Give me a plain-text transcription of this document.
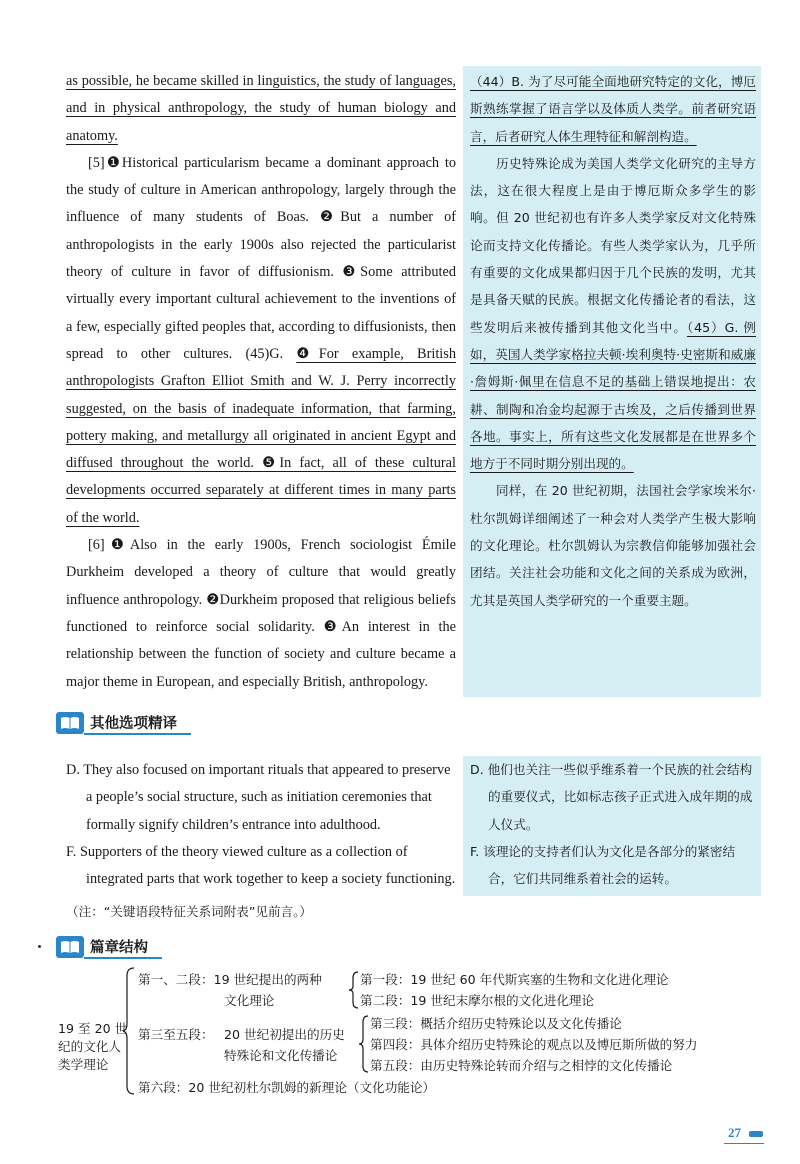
as possible, he became skilled in linguistics, the study of languages, and in physical anthropology, the study of human biology and anatomy.

[5]❶Historical particularism became a dominant approach to the study of culture in American anthropology, largely through the influence of many students of Boas. ❷But a number of anthropologists in the early 1900s also rejected the particularist theory of culture in favor of diffusionism. ❸Some attributed virtually every important cultural achievement to the inventions of a few, especially gifted peoples that, according to diffusionists, then spread to other cultures. (45)G. ❹For example, British anthropologists Grafton Elliot Smith and W. J. Perry incorrectly suggested, on the basis of inadequate information, that farming, pottery making, and metallurgy all originated in ancient Egypt and diffused throughout the world. ❺In fact, all of these cultural developments occurred separately at different times in many parts of the world.

[6]❶Also in the early 1900s, French sociologist Émile Durkheim developed a theory of culture that would greatly influence anthropology. ❷Durkheim proposed that religious beliefs functioned to reinforce social solidarity. ❸An interest in the relationship between the function of society and culture became a major theme in European, and especially British, anthropology.

（44）B. 为了尽可能全面地研究特定的文化，博厄斯熟练掌握了语言学以及体质人类学。前者研究语言，后者研究人体生理特征和解剖构造。

历史特殊论成为美国人类学文化研究的主导方法，这在很大程度上是由于博厄斯众多学生的影响。但 20 世纪初也有许多人类学家反对文化特殊论而支持文化传播论。有些人类学家认为，几乎所有重要的文化成果都归因于几个民族的发明，尤其是具备天赋的民族。根据文化传播论者的看法，这些发明后来被传播到其他文化当中。（45）G. 例如，英国人类学家格拉夫顿·埃利奥特·史密斯和威廉·詹姆斯·佩里在信息不足的基础上错误地提出：农耕、制陶和冶金均起源于古埃及，之后传播到世界各地。事实上，所有这些文化发展都是在世界多个地方于不同时期分别出现的。

同样，在 20 世纪初期，法国社会学家埃米尔·杜尔凯姆详细阐述了一种会对人类学产生极大影响的文化理论。杜尔凯姆认为宗教信仰能够加强社会团结。关注社会功能和文化之间的关系成为欧洲，尤其是英国人类学研究的一个重要主题。

其他选项精译

D. They also focused on important rituals that appeared to preserve a people’s social structure, such as initiation ceremonies that formally signify children’s entrance into adulthood.

F. Supporters of the theory viewed culture as a collection of integrated parts that work together to keep a society functioning.

D. 他们也关注一些似乎维系着一个民族的社会结构的重要仪式，比如标志孩子正式进入成年期的成人仪式。

F. 该理论的支持者们认为文化是各部分的紧密结合，它们共同维系着社会的运转。

（注：“关键语段特征关系词附表”见前言。）
篇章结构
19 至 20 世
纪的文化人
类学理论
第一、二段：19 世纪提出的两种
文化理论
第一段：19 世纪 60 年代斯宾塞的生物和文化进化理论
第二段：19 世纪末摩尔根的文化进化理论
第三至五段： 20 世纪初提出的历史
特殊论和文化传播论
第三段：概括介绍历史特殊论以及文化传播论
第四段：具体介绍历史特殊论的观点以及博厄斯所做的努力
第五段：由历史特殊论转而介绍与之相悖的文化传播论
第六段：20 世纪初杜尔凯姆的新理论（文化功能论）
27
